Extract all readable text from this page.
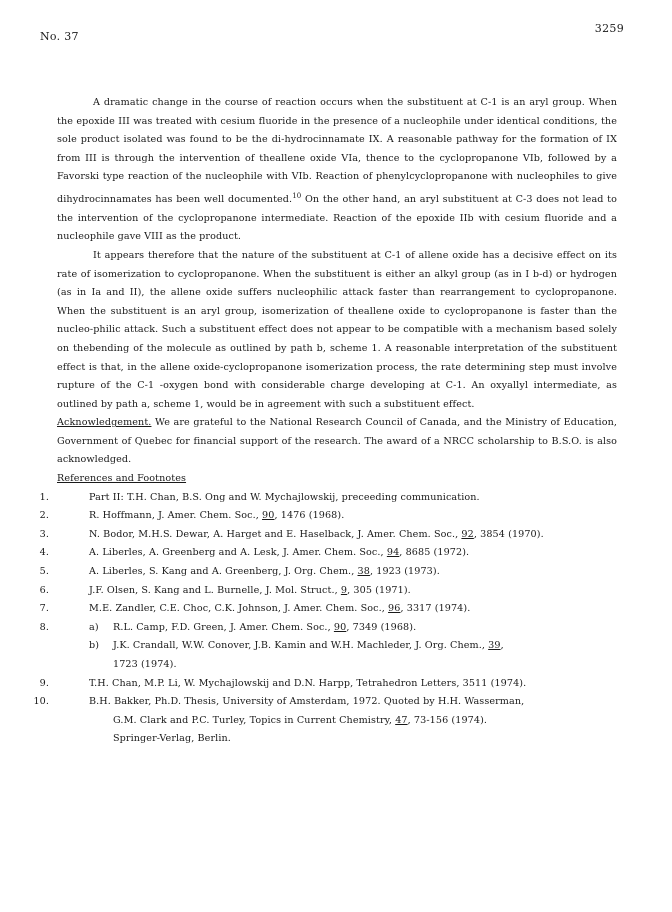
No. 37
3259

A dramatic change in the course of reaction occurs when the substituent at C-1 is an aryl group. When the epoxide III was treated with cesium fluoride in the presence of a nucleophile under identical conditions, the sole product isolated was found to be the di-hydrocinnamate IX. A reasonable pathway for the formation of IX from III is through the intervention of theallene oxide VIa, thence to the cyclopropanone VIb, followed by a Favorski type reaction of the nucleophile with VIb. Reaction of phenylcyclopropanone with nucleophiles to give dihydrocinnamates has been well documented.$^{10}$ On the other hand, an aryl substituent at C-3 does not lead to the intervention of the cyclopropanone intermediate. Reaction of the epoxide IIb with cesium fluoride and a nucleophile gave VIII as the product.

It appears therefore that the nature of the substituent at C-1 of allene oxide has a decisive effect on its rate of isomerization to cyclopropanone. When the substituent is either an alkyl group (as in I b-d) or hydrogen (as in Ia and II), the allene oxide suffers nucleophilic attack faster than rearrangement to cyclopropanone. When the substituent is an aryl group, isomerization of theallene oxide to cyclopropanone is faster than the nucleo-philic attack. Such a substituent effect does not appear to be compatible with a mechanism based solely on thebending of the molecule as outlined by path b, scheme 1. A reasonable interpretation of the substituent effect is that, in the allene oxide-cyclopropanone isomerization process, the rate determining step must involve rupture of the C-1 -oxygen bond with considerable charge developing at C-1. An oxyallyl intermediate, as outlined by path a, scheme 1, would be in agreement with such a substituent effect.

Acknowledgement. We are grateful to the National Research Council of Canada, and the Ministry of Education, Government of Quebec for financial support of the research. The award of a NRCC scholarship to B.S.O. is also acknowledged.

References and Footnotes

1.	Part II: T.H. Chan, B.S. Ong and W. Mychajlowskij, preceeding communication.
2.	R. Hoffmann, J. Amer. Chem. Soc., 90, 1476 (1968).
3.	N. Bodor, M.H.S. Dewar, A. Harget and E. Haselback, J. Amer. Chem. Soc., 92, 3854 (1970).
4.	A. Liberles, A. Greenberg and A. Lesk, J. Amer. Chem. Soc., 94, 8685 (1972).
5.	A. Liberles, S. Kang and A. Greenberg, J. Org. Chem., 38, 1923 (1973).
6.	J.F. Olsen, S. Kang and L. Burnelle, J. Mol. Struct., 9, 305 (1971).
7.	M.E. Zandler, C.E. Choc, C.K. Johnson, J. Amer. Chem. Soc., 96, 3317 (1974).
8.	a) R.L. Camp, F.D. Green, J. Amer. Chem. Soc., 90, 7349 (1968).
b) J.K. Crandall, W.W. Conover, J.B. Kamin and W.H. Machleder, J. Org. Chem., 39,
1723 (1974).
9.	T.H. Chan, M.P. Li, W. Mychajlowskij and D.N. Harpp, Tetrahedron Letters, 3511 (1974).
10.	B.H. Bakker, Ph.D. Thesis, University of Amsterdam, 1972. Quoted by H.H. Wasserman,

G.M. Clark and P.C. Turley, Topics in Current Chemistry, 47, 73-156 (1974).
Springer-Verlag, Berlin.
